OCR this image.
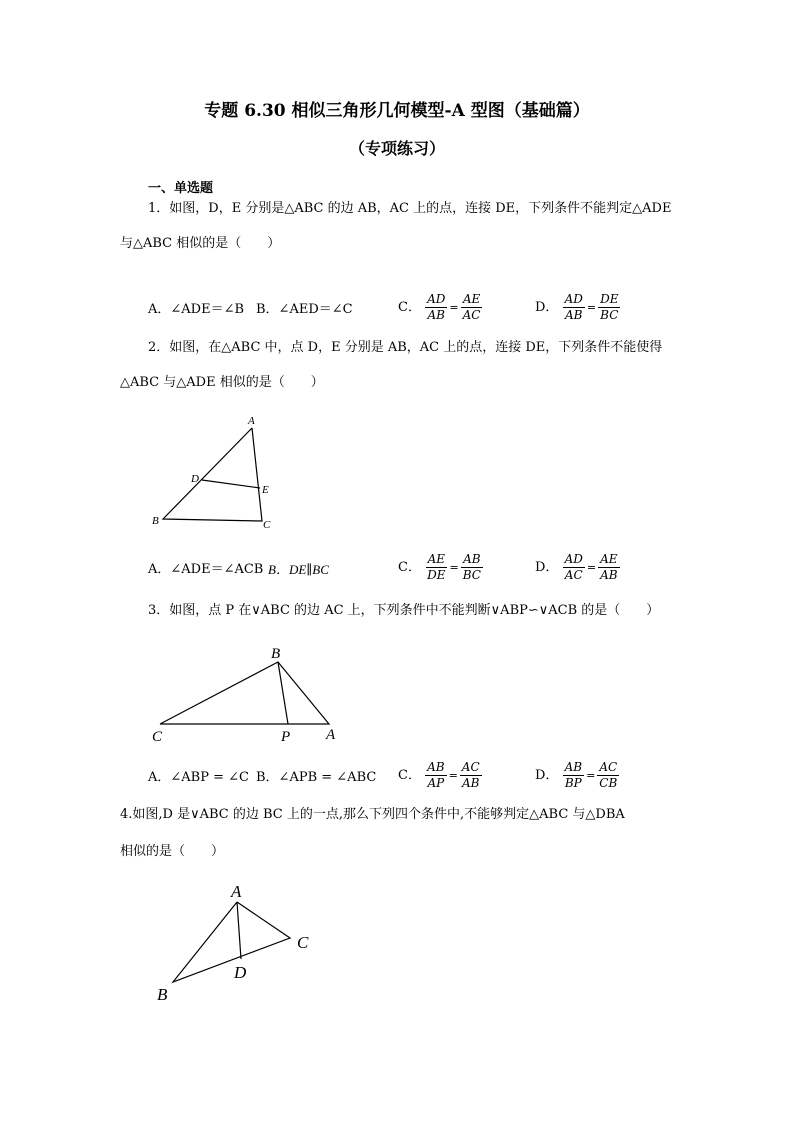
专题 6.30 相似三角形几何模型-A 型图（基础篇）
（专项练习）
一、单选题
1．如图，D，E 分别是△ABC 的边 AB，AC 上的点，连接 DE，下列条件不能判定△ADE
与△ABC 相似的是（　　）
A．∠ADE＝∠B B．∠AED＝∠C	C． $\frac{AD}{AB} = \frac{AE}{AC}$	D． $\frac{AD}{AB} = \frac{DE}{BC}$
2．如图，在△ABC 中，点 D，E 分别是 AB，AC 上的点，连接 DE，下列条件不能使得
△ABC 与△ADE 相似的是（　　）
A
B	C
D
E
A．∠ADE＝∠ACB B．DE∥BC	C． $\frac{AE}{DE} = \frac{AB}{BC}$	D． $\frac{AD}{AC} = \frac{AE}{AB}$
3．如图，点 P 在∨ABC 的边 AC 上，下列条件中不能判断∨ABP∽∨ACB 的是（　　）
B
C	P A
A．∠ABP = ∠C B．∠APB = ∠ABC C． $\frac{AB}{AP} = \frac{AC}{AB}$	D． $\frac{AB}{BP} = \frac{AC}{CB}$
4.如图,D 是∨ABC 的边 BC 上的一点,那么下列四个条件中,不能够判定△ABC 与△DBA
相似的是（　　）
A
B
C
D
